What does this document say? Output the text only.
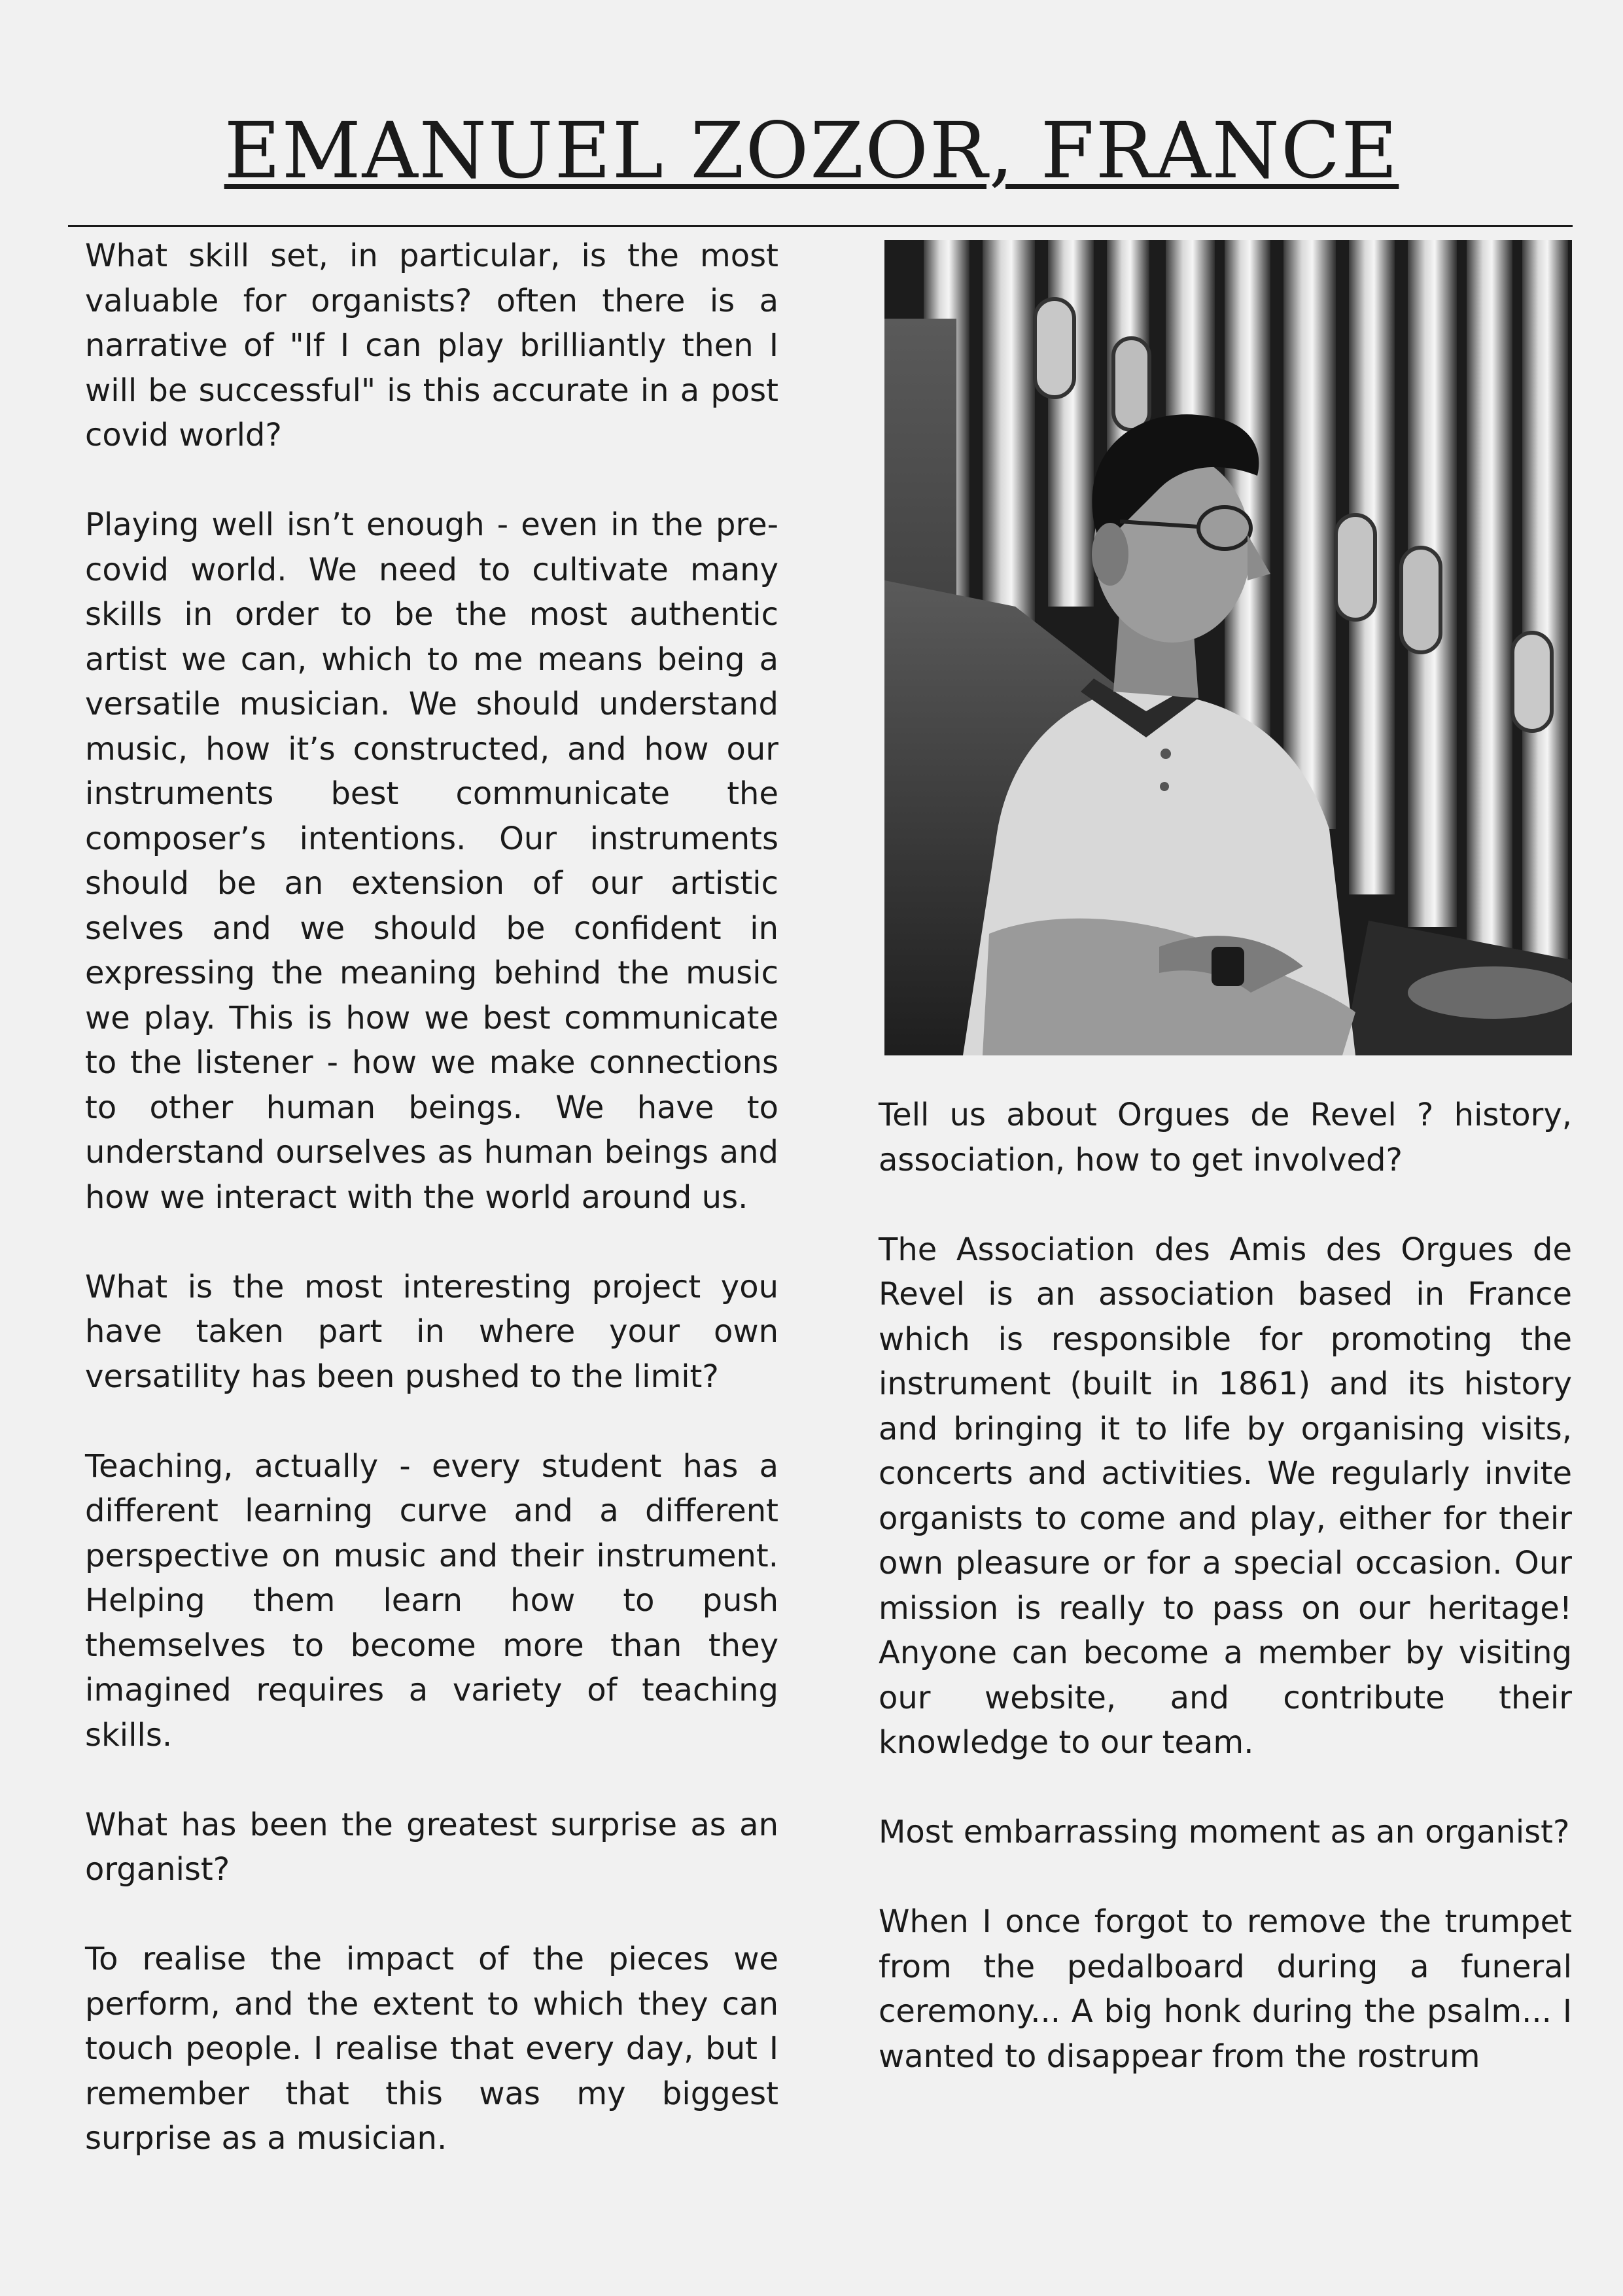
EMANUEL ZOZOR, FRANCE

What skill set, in particular, is the most valuable for organists? often there is a narrative of "If I can play brilliantly then I will be successful" is this accurate in a post covid world?

Playing well isn’t enough - even in the pre-covid world. We need to cultivate many skills in order to be the most authentic artist we can, which to me means being a versatile musician. We should understand music, how it’s constructed, and how our instruments best communicate the composer’s intentions. Our instruments should be an extension of our artistic selves and we should be confident in expressing the meaning behind the music we play. This is how we best communicate to the listener - how we make connections to other human beings. We have to understand ourselves as human beings and how we interact with the world around us.

What is the most interesting project you have taken part in where your own versatility has been pushed to the limit?

Teaching, actually - every student has a different learning curve and a different perspective on music and their instrument. Helping them learn how to push themselves to become more than they imagined requires a variety of teaching skills.

What has been the greatest surprise as an organist?

To realise the impact of the pieces we perform, and the extent to which they can touch people. I realise that every day, but I remember that this was my biggest surprise as a musician.

Tell us about Orgues de Revel ? history, association, how to get involved?

The Association des Amis des Orgues de Revel is an association based in France which is responsible for promoting the instrument (built in 1861) and its history and bringing it to life by organising visits, concerts and activities. We regularly invite organists to come and play, either for their own pleasure or for a special occasion. Our mission is really to pass on our heritage! Anyone can become a member by visiting our website, and contribute their knowledge to our team.

Most embarrassing moment as an organist?

When I once forgot to remove the trumpet from the pedalboard during a funeral ceremony... A big honk during the psalm... I wanted to disappear from the rostrum
